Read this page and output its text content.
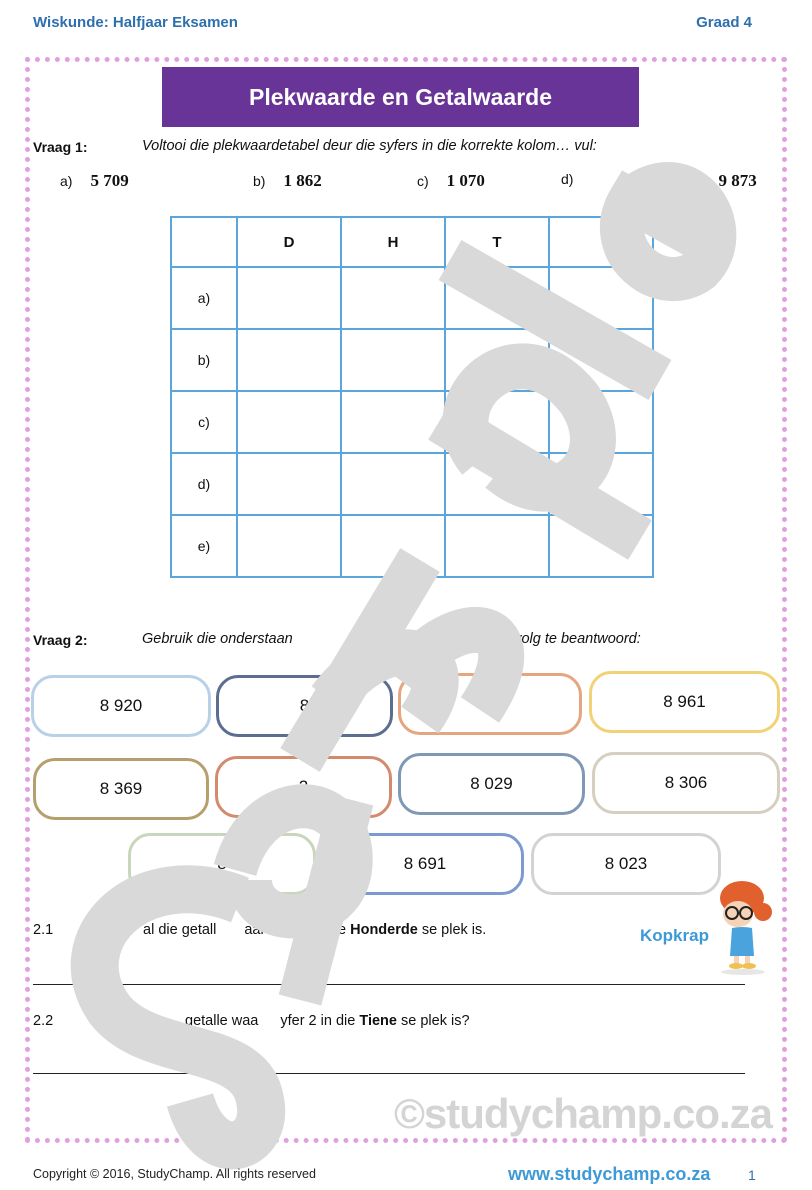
Wiskunde: Halfjaar Eksamen	Graad 4
Plekwaarde en Getalwaarde
Vraag 1:	Voltooi die plekwaardetabel deur die syfers in die korrekte kolom… vul:
a) 5 709	b) 1 862	c) 1 070	d)	e) 9 873
	D	H	T	
a)				
b)				
c)				
d)				
e)				
Vraag 2:	Gebruik die onderstaan	die vrae wat volg te beantwoord:
8 920	8	396	8 961
8 369	2	8 029	8 306
8	8 691	8 023
2.1	al die getall aar di n die Honderde se plek is.
2.2	getalle waa yfer 2 in die Tiene se plek is?
Kopkrap
©studychamp.co.za
Copyright © 2016, StudyChamp. All rights reserved	www.studychamp.co.za	1
